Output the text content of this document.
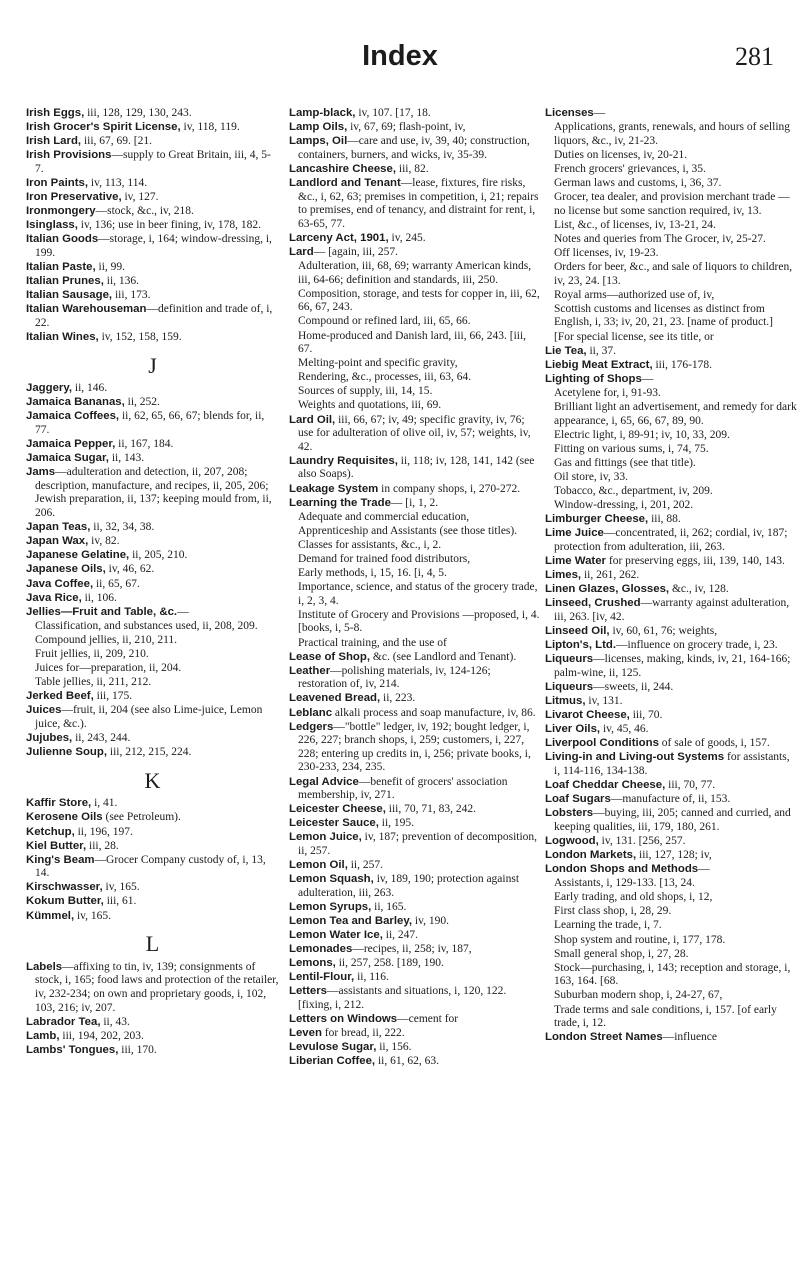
Index	281
Irish Eggs, iii, 128, 129, 130, 243.
Irish Grocer's Spirit License, iv, 118, 119.
Irish Lard, iii, 67, 69. [21.
Irish Provisions—supply to Great Britain, iii, 4, 5-7.
Iron Paints, iv, 113, 114.
Iron Preservative, iv, 127.
Ironmongery—stock, &c., iv, 218.
Isinglass, iv, 136; use in beer fining, iv, 178, 182.
Italian Goods—storage, i, 164; window-dressing, i, 199.
Italian Paste, ii, 99.
Italian Prunes, ii, 136.
Italian Sausage, iii, 173.
Italian Warehouseman—definition and trade of, i, 22.
Italian Wines, iv, 152, 158, 159.
J
Jaggery, ii, 146.
Jamaica Bananas, ii, 252.
Jamaica Coffees, ii, 62, 65, 66, 67; blends for, ii, 77.
Jamaica Pepper, ii, 167, 184.
Jamaica Sugar, ii, 143.
Jams—adulteration and detection, ii, 207, 208; description, manufacture, and recipes, ii, 205, 206; Jewish preparation, ii, 137; keeping mould from, ii, 206.
Japan Teas, ii, 32, 34, 38.
Japan Wax, iv, 82.
Japanese Gelatine, ii, 205, 210.
Japanese Oils, iv, 46, 62.
Java Coffee, ii, 65, 67.
Java Rice, ii, 106.
Jellies—Fruit and Table, &c.—
Classification, and substances used, ii, 208, 209.
Compound jellies, ii, 210, 211.
Fruit jellies, ii, 209, 210.
Juices for—preparation, ii, 204.
Table jellies, ii, 211, 212.
Jerked Beef, iii, 175.
Juices—fruit, ii, 204 (see also Lime-juice, Lemon juice, &c.).
Jujubes, ii, 243, 244.
Julienne Soup, iii, 212, 215, 224.
K
Kaffir Store, i, 41.
Kerosene Oils (see Petroleum).
Ketchup, ii, 196, 197.
Kiel Butter, iii, 28.
King's Beam—Grocer Company custody of, i, 13, 14.
Kirschwasser, iv, 165.
Kokum Butter, iii, 61.
Kümmel, iv, 165.
L
Labels—affixing to tin, iv, 139; consignments of stock, i, 165; food laws and protection of the retailer, iv, 232-234; on own and proprietary goods, i, 102, 103, 216; iv, 207.
Labrador Tea, ii, 43.
Lamb, iii, 194, 202, 203.
Lambs' Tongues, iii, 170.
Lamp-black, iv, 107. [17, 18.
Lamp Oils, iv, 67, 69; flash-point, iv,
Lamps, Oil—care and use, iv, 39, 40; construction, containers, burners, and wicks, iv, 35-39.
Lancashire Cheese, iii, 82.
Landlord and Tenant—lease, fixtures, fire risks, &c., i, 62, 63; premises in competition, i, 21; repairs to premises, end of tenancy, and distraint for rent, i, 63-65, 77.
Larceny Act, 1901, iv, 245.
Lard— [again, iii, 257.
Adulteration, iii, 68, 69; warranty American kinds, iii, 64-66; definition and standards, iii, 250.
Composition, storage, and tests for copper in, iii, 62, 66, 67, 243.
Compound or refined lard, iii, 65, 66.
Home-produced and Danish lard, iii, 66, 243. [iii, 67.
Melting-point and specific gravity,
Rendering, &c., processes, iii, 63, 64.
Sources of supply, iii, 14, 15.
Weights and quotations, iii, 69.
Lard Oil, iii, 66, 67; iv, 49; specific gravity, iv, 76; use for adulteration of olive oil, iv, 57; weights, iv, 42.
Laundry Requisites, ii, 118; iv, 128, 141, 142 (see also Soaps).
Leakage System in company shops, i, 270-272.
Learning the Trade— [i, 1, 2.
Adequate and commercial education,
Apprenticeship and Assistants (see those titles).
Classes for assistants, &c., i, 2.
Demand for trained food distributors,
Early methods, i, 15, 16. [i, 4, 5.
Importance, science, and status of the grocery trade, i, 2, 3, 4.
Institute of Grocery and Provisions —proposed, i, 4. [books, i, 5-8.
Practical training, and the use of
Lease of Shop, &c. (see Landlord and Tenant).
Leather—polishing materials, iv, 124-126; restoration of, iv, 214.
Leavened Bread, ii, 223.
Leblanc alkali process and soap manufacture, iv, 86.
Ledgers—"bottle" ledger, iv, 192; bought ledger, i, 226, 227; branch shops, i, 259; customers, i, 227, 228; entering up credits in, i, 256; private books, i, 230-233, 234, 235.
Legal Advice—benefit of grocers' association membership, iv, 271.
Leicester Cheese, iii, 70, 71, 83, 242.
Leicester Sauce, ii, 195.
Lemon Juice, iv, 187; prevention of decomposition, ii, 257.
Lemon Oil, ii, 257.
Lemon Squash, iv, 189, 190; protection against adulteration, iii, 263.
Lemon Syrups, ii, 165.
Lemon Tea and Barley, iv, 190.
Lemon Water Ice, ii, 247.
Lemonades—recipes, ii, 258; iv, 187,
Lemons, ii, 257, 258. [189, 190.
Lentil-Flour, ii, 116.
Letters—assistants and situations, i, 120, 122. [fixing, i, 212.
Letters on Windows—cement for
Leven for bread, ii, 222.
Levulose Sugar, ii, 156.
Liberian Coffee, ii, 61, 62, 63.
Licenses—
Applications, grants, renewals, and hours of selling liquors, &c., iv, 21-23.
Duties on licenses, iv, 20-21.
French grocers' grievances, i, 35.
German laws and customs, i, 36, 37.
Grocer, tea dealer, and provision merchant trade — no license but some sanction required, iv, 13.
List, &c., of licenses, iv, 13-21, 24.
Notes and queries from The Grocer, iv, 25-27.
Off licenses, iv, 19-23.
Orders for beer, &c., and sale of liquors to children, iv, 23, 24. [13.
Royal arms—authorized use of, iv,
Scottish customs and licenses as distinct from English, i, 33; iv, 20, 21, 23. [name of product.]
[For special license, see its title, or
Lie Tea, ii, 37.
Liebig Meat Extract, iii, 176-178.
Lighting of Shops—
Acetylene for, i, 91-93.
Brilliant light an advertisement, and remedy for dark appearance, i, 65, 66, 67, 89, 90.
Electric light, i, 89-91; iv, 10, 33, 209.
Fitting on various sums, i, 74, 75.
Gas and fittings (see that title).
Oil store, iv, 33.
Tobacco, &c., department, iv, 209.
Window-dressing, i, 201, 202.
Limburger Cheese, iii, 88.
Lime Juice—concentrated, ii, 262; cordial, iv, 187; protection from adulteration, iii, 263.
Lime Water for preserving eggs, iii, 139, 140, 143.
Limes, ii, 261, 262.
Linen Glazes, Glosses, &c., iv, 128.
Linseed, Crushed—warranty against adulteration, iii, 263. [iv, 42.
Linseed Oil, iv, 60, 61, 76; weights,
Lipton's, Ltd.—influence on grocery trade, i, 23.
Liqueurs—licenses, making, kinds, iv, 21, 164-166; palm-wine, ii, 125.
Liqueurs—sweets, ii, 244.
Litmus, iv, 131.
Livarot Cheese, iii, 70.
Liver Oils, iv, 45, 46.
Liverpool Conditions of sale of goods, i, 157.
Living-in and Living-out Systems for assistants, i, 114-116, 134-138.
Loaf Cheddar Cheese, iii, 70, 77.
Loaf Sugars—manufacture of, ii, 153.
Lobsters—buying, iii, 205; canned and curried, and keeping qualities, iii, 179, 180, 261.
Logwood, iv, 131. [256, 257.
London Markets, iii, 127, 128; iv,
London Shops and Methods—
Assistants, i, 129-133. [13, 24.
Early trading, and old shops, i, 12,
First class shop, i, 28, 29.
Learning the trade, i, 7.
Shop system and routine, i, 177, 178.
Small general shop, i, 27, 28.
Stock—purchasing, i, 143; reception and storage, i, 163, 164. [68.
Suburban modern shop, i, 24-27, 67,
Trade terms and sale conditions, i, 157. [of early trade, i, 12.
London Street Names—influence
